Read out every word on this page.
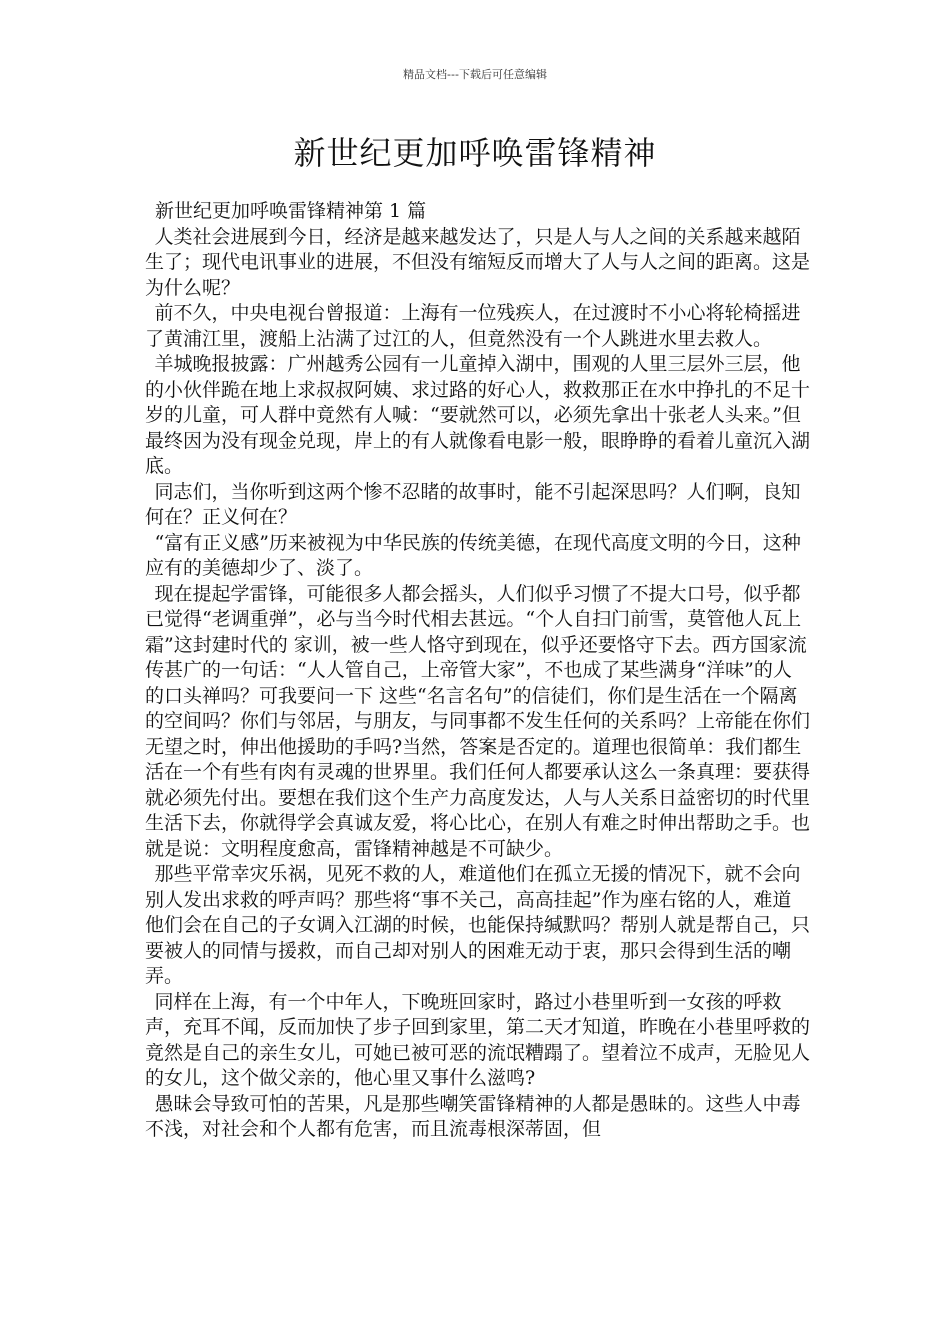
精品文档---下载后可任意编辑
新世纪更加呼唤雷锋精神

新世纪更加呼唤雷锋精神第 1 篇

人类社会进展到今日，经济是越来越发达了，只是人与人之间的关系越来越陌生了；现代电讯事业的进展，不但没有缩短反而增大了人与人之间的距离。这是为什么呢？

前不久，中央电视台曾报道：上海有一位残疾人，在过渡时不小心将轮椅摇进了黄浦江里，渡船上沾满了过江的人，但竟然没有一个人跳进水里去救人。

羊城晚报披露：广州越秀公园有一儿童掉入湖中，围观的人里三层外三层，他的小伙伴跪在地上求叔叔阿姨、求过路的好心人，救救那正在水中挣扎的不足十岁的儿童，可人群中竟然有人喊：“要就然可以，必须先拿出十张老人头来。”但最终因为没有现金兑现，岸上的有人就像看电影一般，眼睁睁的看着儿童沉入湖底。

同志们，当你听到这两个惨不忍睹的故事时，能不引起深思吗？人们啊，良知何在？正义何在？

“富有正义感”历来被视为中华民族的传统美德，在现代高度文明的今日，这种应有的美德却少了、淡了。

现在提起学雷锋，可能很多人都会摇头，人们似乎习惯了不提大口号，似乎都已觉得“老调重弹”，必与当今时代相去甚远。“个人自扫门前雪，莫管他人瓦上霜”这封建时代的 家训，被一些人恪守到现在，似乎还要恪守下去。西方国家流传甚广的一句话：“人人管自己，上帝管大家”，不也成了某些满身“洋味”的人的口头禅吗？可我要问一下 这些“名言名句”的信徒们，你们是生活在一个隔离的空间吗？你们与邻居，与朋友，与同事都不发生任何的关系吗？上帝能在你们无望之时，伸出他援助的手吗?当然，答案是否定的。道理也很简单：我们都生活在一个有些有肉有灵魂的世界里。我们任何人都要承认这么一条真理：要获得就必须先付出。要想在我们这个生产力高度发达，人与人关系日益密切的时代里生活下去，你就得学会真诚友爱，将心比心，在别人有难之时伸出帮助之手。也就是说：文明程度愈高，雷锋精神越是不可缺少。

那些平常幸灾乐祸，见死不救的人，难道他们在孤立无援的情况下，就不会向别人发出求救的呼声吗？那些将“事不关己，高高挂起”作为座右铭的人，难道他们会在自己的子女调入江湖的时候，也能保持缄默吗？帮别人就是帮自己，只要被人的同情与援救，而自己却对别人的困难无动于衷，那只会得到生活的嘲弄。

同样在上海，有一个中年人，下晚班回家时，路过小巷里听到一女孩的呼救声，充耳不闻，反而加快了步子回到家里，第二天才知道，昨晚在小巷里呼救的竟然是自己的亲生女儿，可她已被可恶的流氓糟蹋了。望着泣不成声，无脸见人的女儿，这个做父亲的，他心里又事什么滋鸣?

愚昧会导致可怕的苦果，凡是那些嘲笑雷锋精神的人都是愚昧的。这些人中毒不浅，对社会和个人都有危害，而且流毒根深蒂固，但
